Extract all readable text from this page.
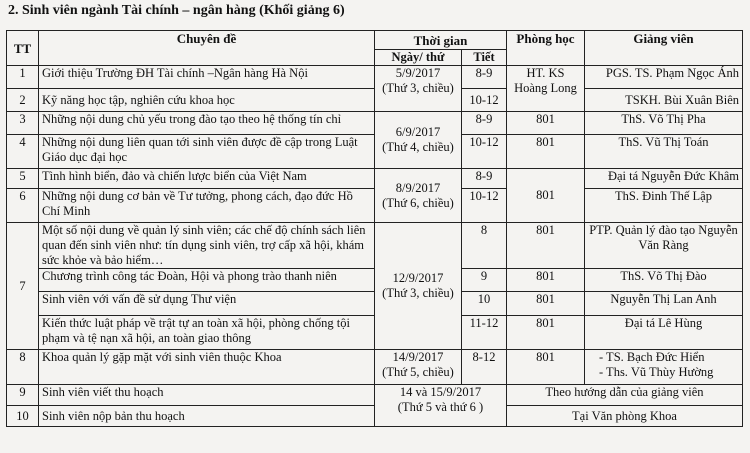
2. Sinh viên ngành Tài chính – ngân hàng (Khối giảng 6)
TT	Chuyên đề	Thời gian		Phòng học	Giảng viên
		Ngày/ thứ	Tiết		
1	Giới thiệu Trường ĐH Tài chính –Ngân hàng Hà Nội	5/9/2017
(Thứ 3, chiều)	8-9	HT. KS Hoàng Long	PGS. TS. Phạm Ngọc Ánh
2	Kỹ năng học tập, nghiên cứu khoa học		10-12		TSKH. Bùi Xuân Biên
3	Những nội dung chủ yếu trong đào tạo theo hệ thống tín chỉ	6/9/2017
(Thứ 4, chiều)	8-9	801	ThS. Võ Thị Pha
4	Những nội dung liên quan tới sinh viên được đề cập trong Luật Giáo dục đại học		10-12	801	ThS. Vũ Thị Toán
5	Tình hình biển, đảo và chiến lược biển của Việt Nam	8/9/2017
(Thứ 6, chiều)	8-9	801	Đại tá Nguyễn Đức Khâm
6	Những nội dung cơ bản về Tư tưởng, phong cách, đạo đức Hồ Chí Minh		10-12		ThS. Đinh Thế Lập
7	Một số nội dung về quản lý sinh viên; các chế độ chính sách liên quan đến sinh viên như: tín dụng sinh viên, trợ cấp xã hội, khám sức khỏe và bảo hiểm…	12/9/2017
(Thứ 3, chiều)	8	801	PTP. Quản lý đào tạo Nguyễn Văn Ràng
	Chương trình công tác Đoàn, Hội và phong trào thanh niên		9	801	ThS. Võ Thị Đào
	Sinh viên với vấn đề sử dụng Thư viện		10	801	Nguyễn Thị Lan Anh
	Kiến thức luật pháp về trật tự an toàn xã hội, phòng chống tội phạm và tệ nạn xã hội, an toàn giao thông		11-12	801	Đại tá Lê Hùng
8	Khoa quản lý gặp mặt với sinh viên thuộc Khoa	14/9/2017
(Thứ 5, chiều)	8-12	801	- TS. Bạch Đức Hiển
- Ths. Vũ Thùy Hường
9	Sinh viên viết thu hoạch	14 và 15/9/2017
(Thứ 5 và thứ 6 )		Theo hướng dẫn của giảng viên	
10	Sinh viên nộp bản thu hoạch			Tại Văn phòng Khoa	
